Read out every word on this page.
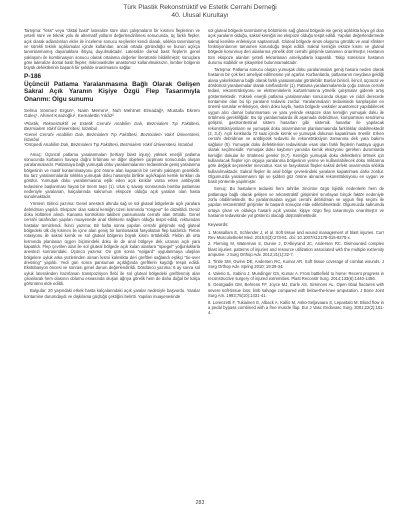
Türk Plastik Rekonstrüktif ve Estetik Cerrahi Derneği
40. Ulusal Kurultayı

Tartışma: "less" veya "distal basit" lateralize süre olan çalışmaların bir kısmını fleplerinin ve yeterli süre ve teknik yolu ile alternatif yolların değerlendirilmesi sonucunda, üç farklı flepler, açık olarak adlandırılan ekler ile inceleme sonucu seçilenler kendi olarak, sıklıkla tanımlanmış ve sürekli teknik açıklamalar içinde kullanılan, ancak ortada göründüğü ve bunun açıkça tanımlanmamış dayanaklara ihtiyaç duyulmaktadır. Lateralize dorsal basit fleplerin genel yaklaşımı ile kombinasyon sonucu olarak ortalama değerler literatürde bildirilmiştir; sonuçlara göre lateralize dorsal basit flepler, mikrovasküler anastomoz kullanılmaksızın, lomber bölgenin büyük defektlerinin başarılı bir şekilde onarılmasını sağlar.

P-186
Üçüncül Patlama Yaralanmasına Bağlı Olarak Gelişen Sakral Açık Yaranın Kişiye Özgü Flep Tasarımıyla Onarımı: Olgu sunumu
Selma Sönmez Ergün¹, Naim Memmi¹, Nuh Mehmet Elmadağ¹, Mustafa Ekrem Güleç¹, Ahmet Kırazoğlu¹, Kemalettin Yıldız²
¹Plastik, Rekonstrüktif ve Estetik Cerrahi Anabilim Dalı, Bezmialem Tıp Fakültesi, Bezmialem Vakıf Üniversitesi, İstanbul
²Genel Cerrahi Anabilim Dalı, Bezmialem Tıp Fakültesi, Bezmialem Vakıf Üniversitesi, İstanbul
³Ortopedi Anabilim Dalı, Bezmialem Tıp Fakültesi, Bezmialem Vakıf Üniversitesi, İstanbul

Amaç: Üçüncül patlama yaralanmaları (tertiary blast injury) yüksek enerjili patlama sonucunda kurbanın havaya doğru fırlaması ve diğer objelere çarpması sonucunda oluşan yaralanmalardır. Patlamaya bağlı yumuşak doku yaralanmalarının tedavisinde geniş yaralanma bölgesinin ve masif kontaminasyonu göz önüne alan kapsamlı bir cerrahi yaklaşım gereklidir. Bu tarz yaralanmalarda sıklıkla yumuşak doku hasarıyla birlikte açık/kapalı kemik kırıkları da görülür. Yumuşak doku yaralanmasına eşlik eden açık kırıklar varsa erken antibiyotik tedavisine başlanması hayati bir önem taşır (1). Ulus iç savaşı sonrasında bomba patlaması nedeniyle yaralanan, kalçalarında sakrumun ekspoze olduğu açık yaraları olan hasta sunulmaktadır.

Yöntem: Birinci yazıma: Genel anestezi altında sağ ve sol gluteal bölgelerde açık yaralara debridman yapıldı. Ekspoze olan sakral kemiğin üzeri kısmında "rongeur" ile düzeltildi. Deniz doku kültürleri alındı. Kanama kontrolünü takiben pansumanla cerrahi alan örtüldü. Genel cerrahi tarafından yapılan muayenede anal sfinkterin sağlam olduğu tespit edildi, rektumdan hastalar temizlendi. İkinci yazıma: Bir hafta sonra yapılan cerrahi girişimde sağ gluteal bölgedeki ülk dış kısmını ile içine alan geniş bir lumbosakral fasyokütan flep kaldırıldı. Flebin rotasyonu ile sakral kemik ve sol gluteal bölgenin büyük kısmı örtülebildi. Flebin alt orta kısmında planlanan üçgen biçimindeki doku ile de anal bölgeye dek uzanan açık yara kapatıldı. Flep çevrilen alan ile sol gluteal bölgede açık kalan alanlara "spiegel" yoğunluklarla anestezi sonrasındaki. Üçüncü yazıma: On gün sonra "epigard" uygulanmaya ulaşılan bölgelere uyluk arka yüzlerinden alınan kısmi kalınlıkta deri greftleri sağlandı eşlikçi "tie-over dressing" yapıldı. Yedi gün sonra pansuman açıldığında greftlerin kaydığı tespit edildi. Ekstübasyon öncesi ve sonrası genel durum değerlendirildi. Dördüncü yazıma: 6 ay sonra sol uyluk lateralinden hazırlanan transpozisyon flebi ile sol gluteal bölgedeki greftlenmiş alan çıkarılarak hem olasının dolumu esnasında oluşan ağrıya görelik hem de daha doğal bir kalça görünümü elde edildi.

Bulgular: 20 yaşındaki erkek hasta kalçalarındaki açık yaralar nedeniyle başvurdu. Yaralar kontamine durumdaydı ve dışkılama güçlüğü çektiğini belirtti. Yapılan muayenesinde

sol gluteal bölgede tanımlanmış bölümlerin sağ gluteal bölgede ise geniş açıklıkta koyu gri olan açık yaraların olduğu, sakral kemiğin ise ekspoze olduğu tespit edildi. Yapılan değerlendirmede sakral kemikte enfeksiyon saptanmadı. Gluteal bölgede sinüs oluşumu görüldü ve anal sfinkter fonksiyonlarının tamamen korunduğu tespit edildi. Sakral kemiğin eksize kısmı ve gluteal bölgede korunmuş deri alanlarına yönelik dört cerrahi girişimle tamamen onarılmıştır. Hastanın tüm ekspoze alanları yeterli tekrarlanan ameliyatlarla kapatıldı. Takip süresince hastanın durumu stabildir ve şikayetleri bulunmamaktadır.

Tartışma: Patlama sonucu oluşan yumuşak doku yaralanmaları geniş hasara neden olarak hastanın bir çok kez ameliyat edilmesine yol açarlar. Kurbanlarda, patlamanın meydana geldiği alana yakınlıklarına bağlı olarak farklı yaralanmalar görülebilir. Bunlar birincil, ikincil, üçüncül ve dördüncül yaralanmalar olarak sınıflandırılır (1). Patlama yaralanmalarında çoğu zaman cerrahi tedavi, rekonstrüksiyonu ve ekstremitelerin kurtarılmasına yönelik çalışmalar giderek artış göstermektedir. Yüksek enerjili patlama yaralanmaları sonucunda oluşan ve ciddi derecede kontamine olan bu tip yaraların tedavisi zordur. Yaralanmaların tedavisinde karşılaşılan en önemli sorunlar enfeksiyon, derin doku kaybı, hasta bölgede vasküler anastomoz yapılabilecek uygun alıcı damar bulunmaması ve yara yerinde ekspoze olan kemiğin yumuşak doku ile örtülmesi gerekliliğidir. Bu tip yaralanmalarda ilk aşamada debridman, kompartman sendromu gelişimi, gastrointestinal sistem hasarları gibi sistemik hasarlar ile yapılacak rekonstrüksiyonların ve yumuşak doku onarımlarının planlanmasında farklılıklar olabilmektedir (2, 3,4). Açık kırıklarda 72 saat içinde kemik ve yumuşak dokunun kapatılması önerilir. Erken cerrahi debridman ve antibiyotik tedavisi ile rekonstrüksiyon zamanına dek yara bakımı sağlanır (5). Yumuşak doku defektlerinin tedavisinde esas olan farklı fleplerin hastaya uygun olarak seçilmesidir. Yumuşak doku kaybının yanında kemik eksizyonu gereken durumlarda kemiğin dokular ile örtülmesi gerekir (6,7). Kemiğin yumuşak doku defektlerini örtmek için kullanılacak flepler için olguya yaralanma bölgesinin yerine ve kullanılabilecek doku miktarına göre değişik seçenekler mevcuttur. Kas ve fasyokütan flepler sakral defekt onarımında sıklıkla kullanılmaktadır. Sakral flepler ile anal bölge çevresindeki yaraların kapatılması daha zordur. Olgumuzda yaralanmanın tipi ve şiddeti göz önüne alınarak rekonstrüksiyonu en uygun ve basit yöntemle yapılmıştır.

Sonuç: Bu hastaların tedavisi hem tahribe zincirine özgü lojistik nedenlerle hem de patlamaya bağlı olarak gelişen ve rekonstrüktif girişimleri sınırlayan birçok faktör nedeniyle zorlu olabilmektedir. Bu yaralanmalara uygun cerrahi debridman ve uygun flep seçimi ile yapılan rekonstrüktif girişimler ile başarılı sonuçlar elde edilebilmektedir. Olgumuzda sakrumda ortaya çıkan ve oldukça hasarlı açık yaralar, kişiye özgü flep tasarımıyla onarılmıştır ve hastanın tedavisinde yol gösterici olacağı düşünülmektedir.

Keywords:
1. Mossallam E, Schlender J, et al. Soft tissue and wound management of blast injuries. Curr Rev Musculoskelet Med. 2015;8(3):273-81. doi: 10.1007/s12178-015-9275-x.
2. Fleming M, Waterman S, Dunne J, D'Alleyrand JC, Andersen RC. Dismounted complex blast injuries: patterns of injuries and resource utilization associated with the multiple extremity amputee. J Surg Orthop Adv. 2012;21(1):32-7.
3. Tintle SM, Gwinn DE, Andersen RC, Kumar AR. Soft tissue coverage of combat wounds. J Surg Orthop Adv. Spring 2010; 19:29-34.
4. Valerio IL, Sabino J, Mundinger GS, Kumar A. From battlefield to home: Recent progress in reconstructive surgery of injured extremities. Plast Reconstr Surg. 2014;133(6):1440-1456.
5. Georgiadis GM, Behrens FF, Joyce MJ, Earle AS, Simmons AL. Open tibial fractures with severe soft-tissue loss: limb salvage compared with below-the-knee amputation. J Bone Joint Surg Am. 1993;75(10):1431-41.
6. Lorenzetti F, Tukiainen E, Alback A, Kallio M, Asko-Seljavaara S, Lepantalo M. Blood flow in a pedal bypass combined with a free muscle flap. Eur J Vasc Endovasc Surg. 2001;22(2):161-4.
283
